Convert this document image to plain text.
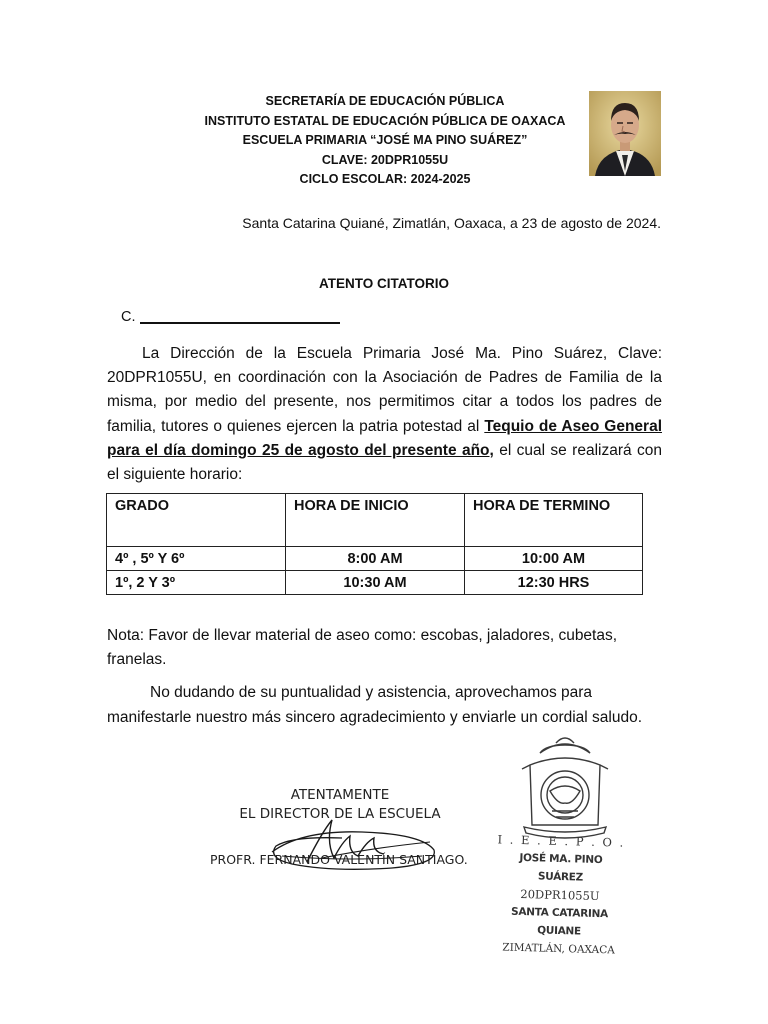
SECRETARÍA DE EDUCACIÓN PÚBLICA
INSTITUTO ESTATAL DE EDUCACIÓN PÚBLICA DE OAXACA
ESCUELA PRIMARIA “JOSÉ MA PINO SUÁREZ”
CLAVE: 20DPR1055U
CICLO ESCOLAR: 2024-2025
Santa Catarina Quiané, Zimatlán, Oaxaca, a 23 de agosto de 2024.
ATENTO CITATORIO
C.
La Dirección de la Escuela Primaria José Ma. Pino Suárez, Clave: 20DPR1055U, en coordinación con la Asociación de Padres de Familia de la misma, por medio del presente, nos permitimos citar a todos los padres de familia, tutores o quienes ejercen la patria potestad al Tequio de Aseo General para el día domingo 25 de agosto del presente año, el cual se realizará con el siguiente horario:
GRADO	HORA DE INICIO	HORA DE TERMINO
4º , 5º Y 6º	8:00 AM	10:00 AM
1º, 2 Y 3º	10:30 AM	12:30 HRS
Nota: Favor de llevar material de aseo como: escobas, jaladores, cubetas, franelas.
No dudando de su puntualidad y asistencia, aprovechamos para manifestarle nuestro más sincero agradecimiento y enviarle un cordial saludo.
ATENTAMENTE
EL DIRECTOR DE LA ESCUELA
PROFR. FERNANDO VALENTÍN SANTIAGO.
I . E . E . P . O .
JOSÉ MA. PINO SUÁREZ
20DPR1055U
SANTA CATARINA QUIANE
ZIMATLÁN, OAXACA
